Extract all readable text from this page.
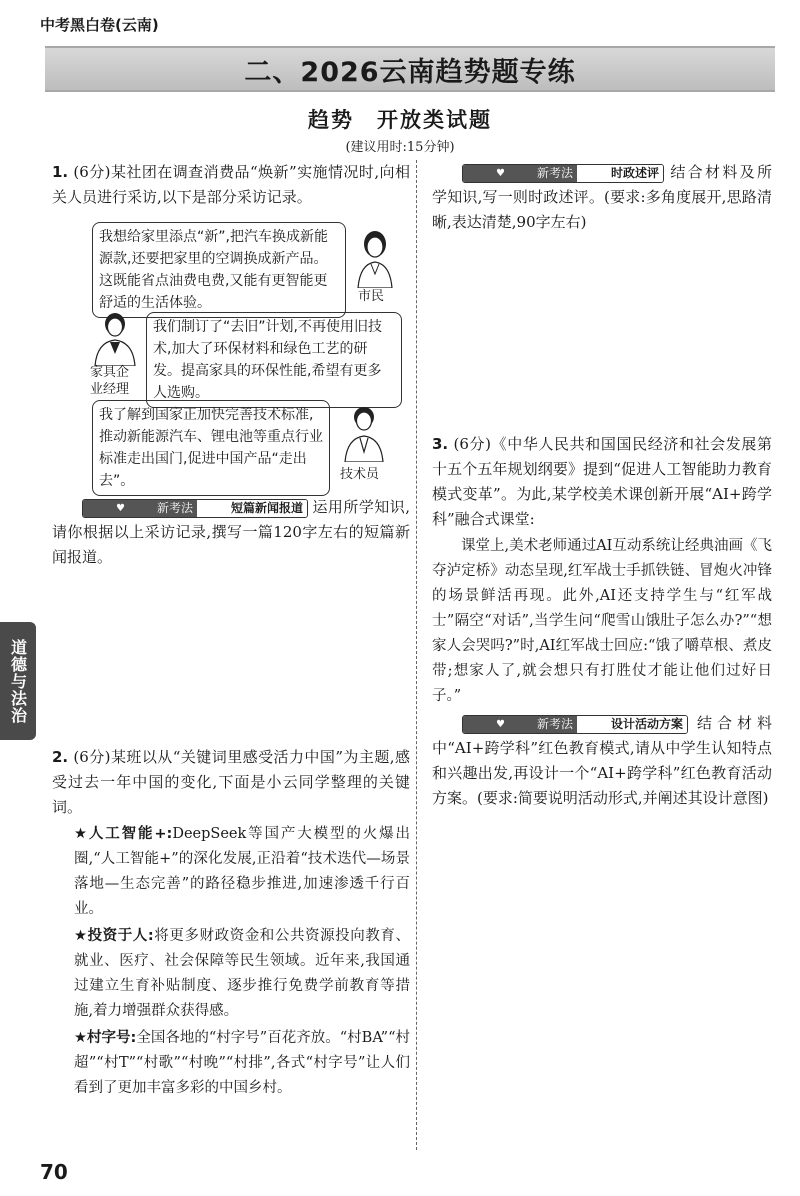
中考黑白卷(云南)
二、2026云南趋势题专练
趋势　开放类试题
(建议用时:15分钟)
1. (6分)某社团在调查消费品“焕新”实施情况时,向相关人员进行采访,以下是部分采访记录。
我想给家里添点“新”,把汽车换成新能源款,还要把家里的空调换成新产品。这既能省点油费电费,又能有更智能更舒适的生活体验。	市民
家具企
业经理
我们制订了“去旧”计划,不再使用旧技术,加大了环保材料和绿色工艺的研发。提高家具的环保性能,希望有更多人选购。
我了解到国家正加快完善技术标准,推动新能源汽车、锂电池等重点行业标准走出国门,促进中国产品“走出去”。	技术员
♥	新考法	短篇新闻报道 运用所学知识,请你根据以上采访记录,撰写一篇120字左右的短篇新闻报道。
2. (6分)某班以从“关键词里感受活力中国”为主题,感受过去一年中国的变化,下面是小云同学整理的关键词。
★人工智能+:DeepSeek等国产大模型的火爆出圈,“人工智能+”的深化发展,正沿着“技术迭代—场景落地—生态完善”的路径稳步推进,加速渗透千行百业。
★投资于人:将更多财政资金和公共资源投向教育、就业、医疗、社会保障等民生领域。近年来,我国通过建立生育补贴制度、逐步推行免费学前教育等措施,着力增强群众获得感。
★村字号:全国各地的“村字号”百花齐放。“村BA”“村超”“村T”“村歌”“村晚”“村排”,各式“村字号”让人们看到了更加丰富多彩的中国乡村。
♥	新考法	时政述评 结合材料及所学知识,写一则时政述评。(要求:多角度展开,思路清晰,表达清楚,90字左右)
3. (6分)《中华人民共和国国民经济和社会发展第十五个五年规划纲要》提到“促进人工智能助力教育模式变革”。为此,某学校美术课创新开展“AI+跨学科”融合式课堂:
课堂上,美术老师通过AI互动系统让经典油画《飞夺泸定桥》动态呈现,红军战士手抓铁链、冒炮火冲锋的场景鲜活再现。此外,AI还支持学生与“红军战士”隔空“对话”,当学生问“爬雪山饿肚子怎么办?”“想家人会哭吗?”时,AI红军战士回应:“饿了嚼草根、煮皮带;想家人了,就会想只有打胜仗才能让他们过好日子。”
♥	新考法	设计活动方案 结合材料中“AI+跨学科”红色教育模式,请从中学生认知特点和兴趣出发,再设计一个“AI+跨学科”红色教育活动方案。(要求:简要说明活动形式,并阐述其设计意图)
道德与法治
70
